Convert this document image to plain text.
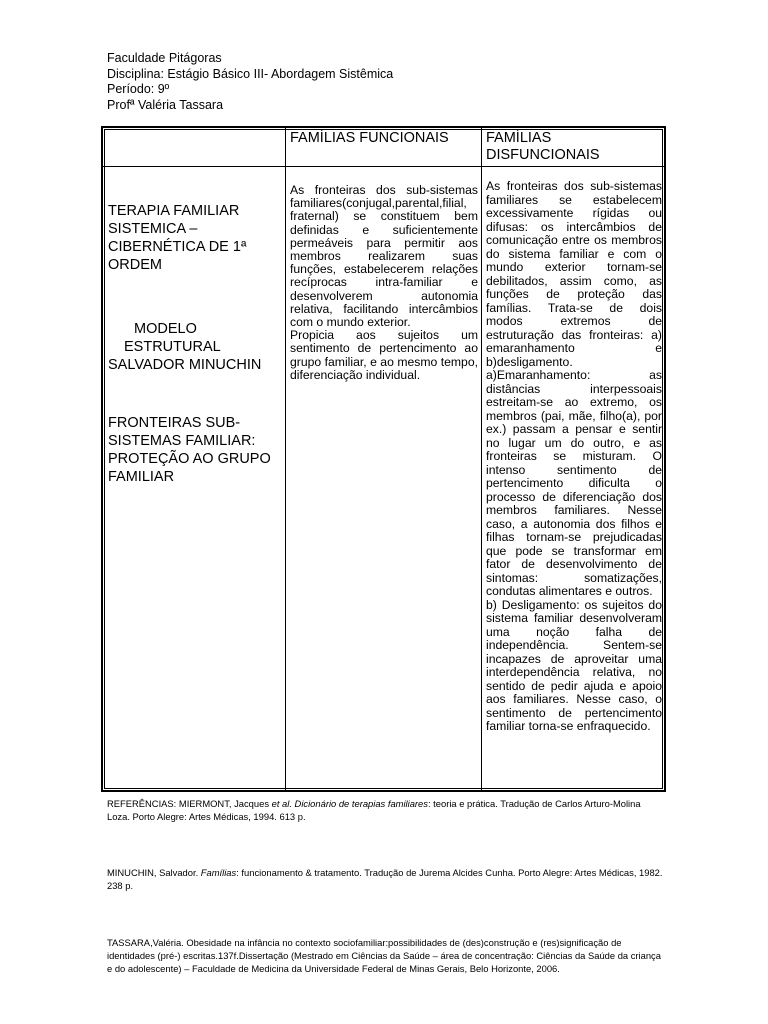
Faculdade Pitágoras
Disciplina: Estágio Básico III- Abordagem Sistêmica
Período: 9º
Profª Valéria Tassara
FAMÍLIAS FUNCIONAIS	FAMÍLIAS
DISFUNCIONAIS
TERAPIA FAMILIAR SISTEMICA – CIBERNÉTICA DE 1ª ORDEM
MODELO
ESTRUTURAL
SALVADOR MINUCHIN
FRONTEIRAS SUB-SISTEMAS FAMILIAR: PROTEÇÃO AO GRUPO FAMILIAR
As fronteiras dos sub-sistemas familiares(conjugal,parental,filial, fraternal) se constituem bem definidas e suficientemente permeáveis para permitir aos membros realizarem suas funções, estabelecerem relações recíprocas intra-familiar e desenvolverem autonomia relativa, facilitando intercâmbios com o mundo exterior.
Propicia aos sujeitos um sentimento de pertencimento ao grupo familiar, e ao mesmo tempo, diferenciação individual.
As fronteiras dos sub-sistemas familiares se estabelecem excessivamente rígidas ou difusas: os intercâmbios de comunicação entre os membros do sistema familiar e com o mundo exterior tornam-se debilitados, assim como, as funções de proteção das famílias. Trata-se de dois modos extremos de estruturação das fronteiras: a) emaranhamento e b)desligamento.
a)Emaranhamento: as distâncias interpessoais estreitam-se ao extremo, os membros (pai, mãe, filho(a), por ex.) passam a pensar e sentir no lugar um do outro, e as fronteiras se misturam. O intenso sentimento de pertencimento dificulta o processo de diferenciação dos membros familiares. Nesse caso, a autonomia dos filhos e filhas tornam-se prejudicadas que pode se transformar em fator de desenvolvimento de sintomas: somatizações, condutas alimentares e outros.
b) Desligamento: os sujeitos do sistema familiar desenvolveram uma noção falha de independência. Sentem-se incapazes de aproveitar uma interdependência relativa, no sentido de pedir ajuda e apoio aos familiares. Nesse caso, o sentimento de pertencimento familiar torna-se enfraquecido.

REFERÊNCIAS: MIERMONT, Jacques et al. Dicionário de terapias familiares: teoria e prática. Tradução de Carlos Arturo-Molina Loza. Porto Alegre: Artes Médicas, 1994. 613 p.

MINUCHIN, Salvador. Famílias: funcionamento & tratamento. Tradução de Jurema Alcides Cunha. Porto Alegre: Artes Médicas, 1982. 238 p.
TASSARA,Valéria. Obesidade na infância no contexto sociofamiliar:possibilidades de (des)construção e (res)significação de identidades (pré-) escritas.137f.Dissertação (Mestrado em Ciências da Saúde – área de concentração: Ciências da Saúde da criança e do adolescente) – Faculdade de Medicina da Universidade Federal de Minas Gerais, Belo Horizonte, 2006.
